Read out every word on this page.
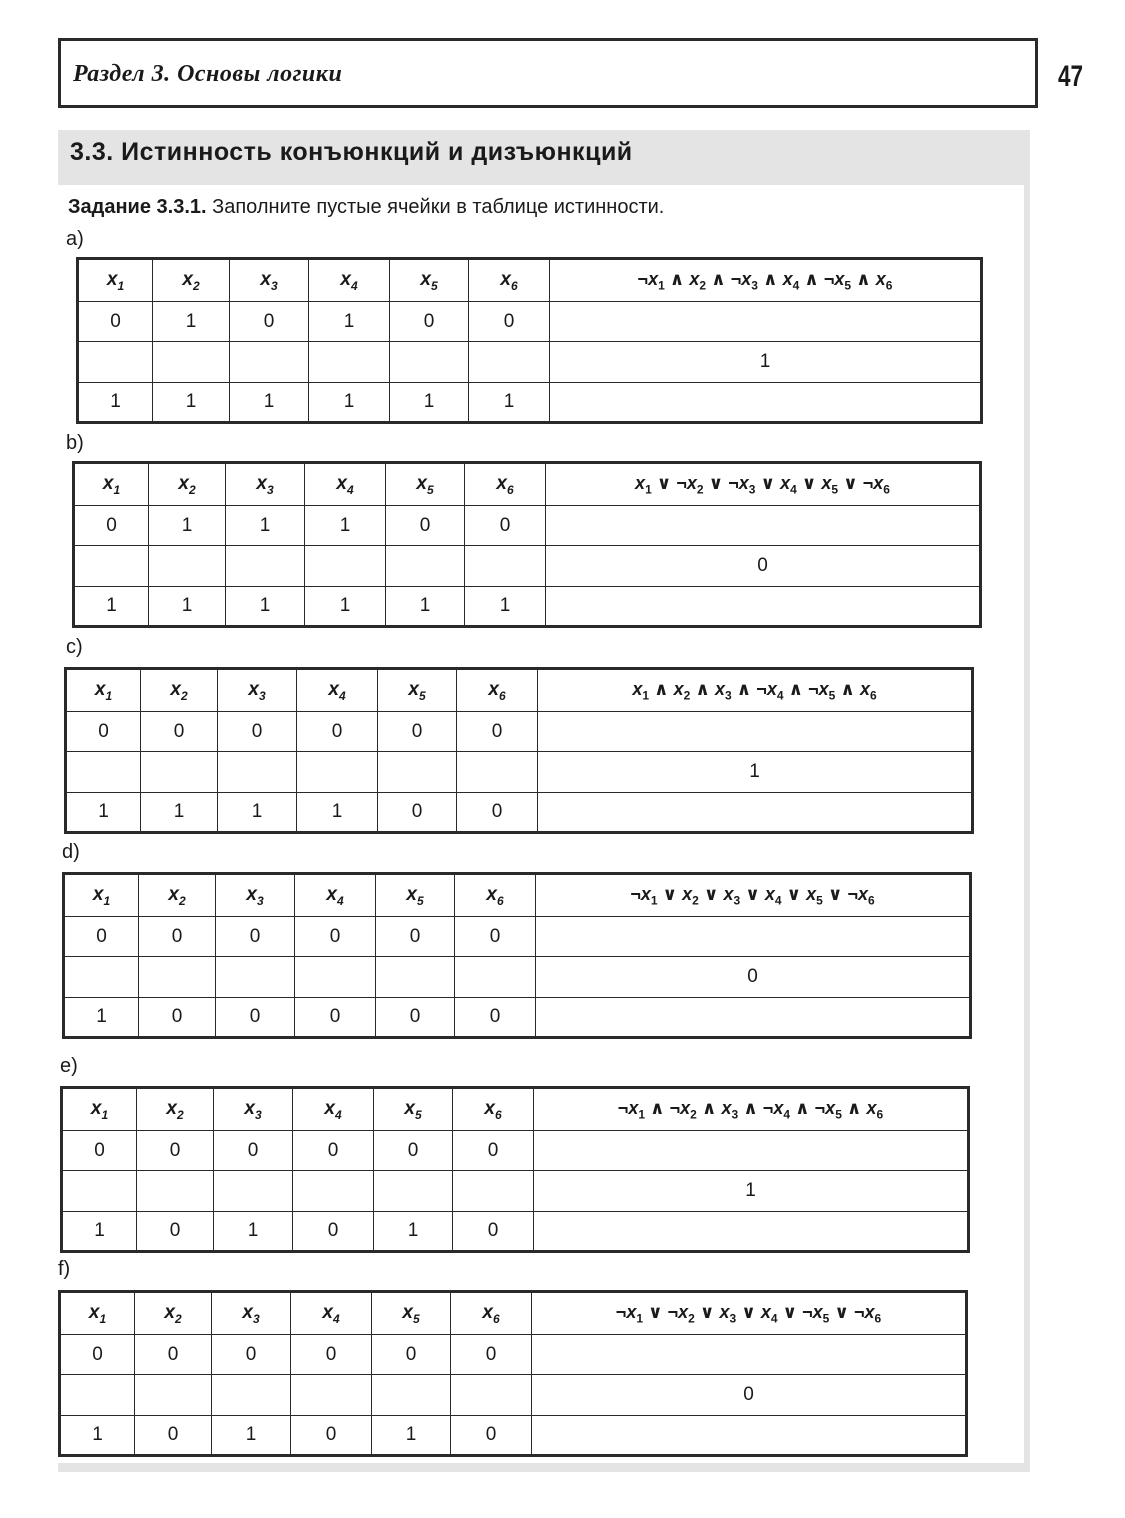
Раздел 3. Основы логики	47
3.3. Истинность конъюнкций и дизъюнкций
Задание 3.3.1. Заполните пустые ячейки в таблице истинности.
a)
$x_1$	$x_2$	$x_3$	$x_4$	$x_5$	$x_6$	$\neg x_1$ ∧ $x_2$ ∧ $\neg x_3$ ∧ $x_4$ ∧ $\neg x_5$ ∧ $x_6$
0	1	0	1	0	0	
						1
1	1	1	1	1	1	
b)
$x_1$	$x_2$	$x_3$	$x_4$	$x_5$	$x_6$	$x_1$ ∨ $\neg x_2$ ∨ $\neg x_3$ ∨ $x_4$ ∨ $x_5$ ∨ $\neg x_6$
0	1	1	1	0	0	
						0
1	1	1	1	1	1	
c)
$x_1$	$x_2$	$x_3$	$x_4$	$x_5$	$x_6$	$x_1$ ∧ $x_2$ ∧ $x_3$ ∧ $\neg x_4$ ∧ $\neg x_5$ ∧ $x_6$
0	0	0	0	0	0	
						1
1	1	1	1	0	0	
d)
$x_1$	$x_2$	$x_3$	$x_4$	$x_5$	$x_6$	$\neg x_1$ ∨ $x_2$ ∨ $x_3$ ∨ $x_4$ ∨ $x_5$ ∨ $\neg x_6$
0	0	0	0	0	0	
						0
1	0	0	0	0	0	
e)
$x_1$	$x_2$	$x_3$	$x_4$	$x_5$	$x_6$	$\neg x_1$ ∧ $\neg x_2$ ∧ $x_3$ ∧ $\neg x_4$ ∧ $\neg x_5$ ∧ $x_6$
0	0	0	0	0	0	
						1
1	0	1	0	1	0	
f)
$x_1$	$x_2$	$x_3$	$x_4$	$x_5$	$x_6$	$\neg x_1$ ∨ $\neg x_2$ ∨ $x_3$ ∨ $x_4$ ∨ $\neg x_5$ ∨ $\neg x_6$
0	0	0	0	0	0	
						0
1	0	1	0	1	0	
